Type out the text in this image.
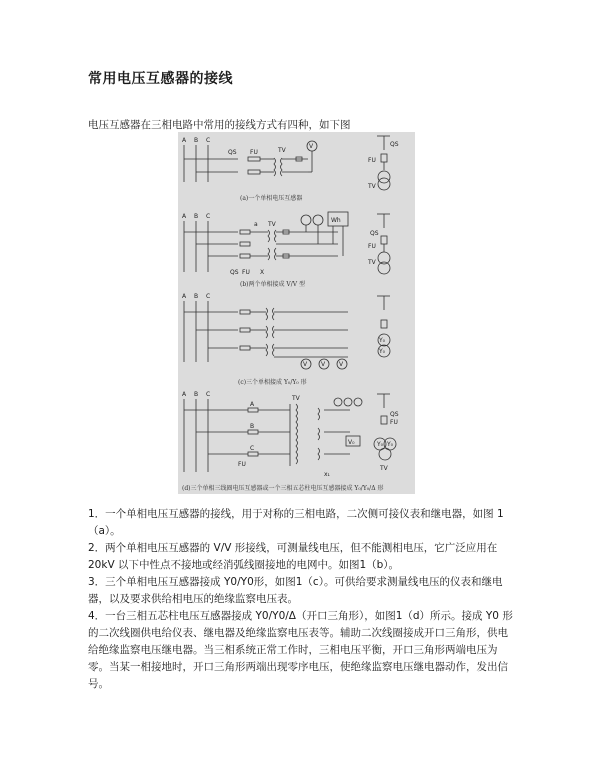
常用电压互感器的接线
电压互感器在三相电路中常用的接线方式有四种，如下图
A B C
QS FU	TV
V	QS
FU
TV
(a)一个单相电压互感器
A B C
a TV
Wh
QS FU X
QS
FU
TV
(b)两个单相接成 V/V 型
A B C
V V V
Y₀
Y₀
(c)三个单相接成 Y₀/Y₀ 形
A B C
A
B
C
FU
TV
V₀
x₁
QS
FU
Y₀ Y₀
TV
(d)三个单相三线圈电压互感器或一个三相五芯柱电压互感器接成 Y₀/Y₀/Δ 形

1．一个单相电压互感器的接线，用于对称的三相电路，二次侧可接仪表和继电器，如图 1（a）。

2．两个单相电压互感器的 V/V 形接线，可测量线电压，但不能测相电压，它广泛应用在 20kV 以下中性点不接地或经消弧线圈接地的电网中。如图1（b）。

3．三个单相电压互感器接成 Y0/Y0形，如图1（c）。可供给要求测量线电压的仪表和继电器，以及要求供给相电压的绝缘监察电压表。

4．一台三相五芯柱电压互感器接成 Y0/Y0/Δ（开口三角形），如图1（d）所示。接成 Y0 形的二次线圈供电给仪表、继电器及绝缘监察电压表等。辅助二次线圈接成开口三角形，供电给绝缘监察电压继电器。当三相系统正常工作时，三相电压平衡，开口三角形两端电压为零。当某一相接地时，开口三角形两端出现零序电压，使绝缘监察电压继电器动作，发出信号。
